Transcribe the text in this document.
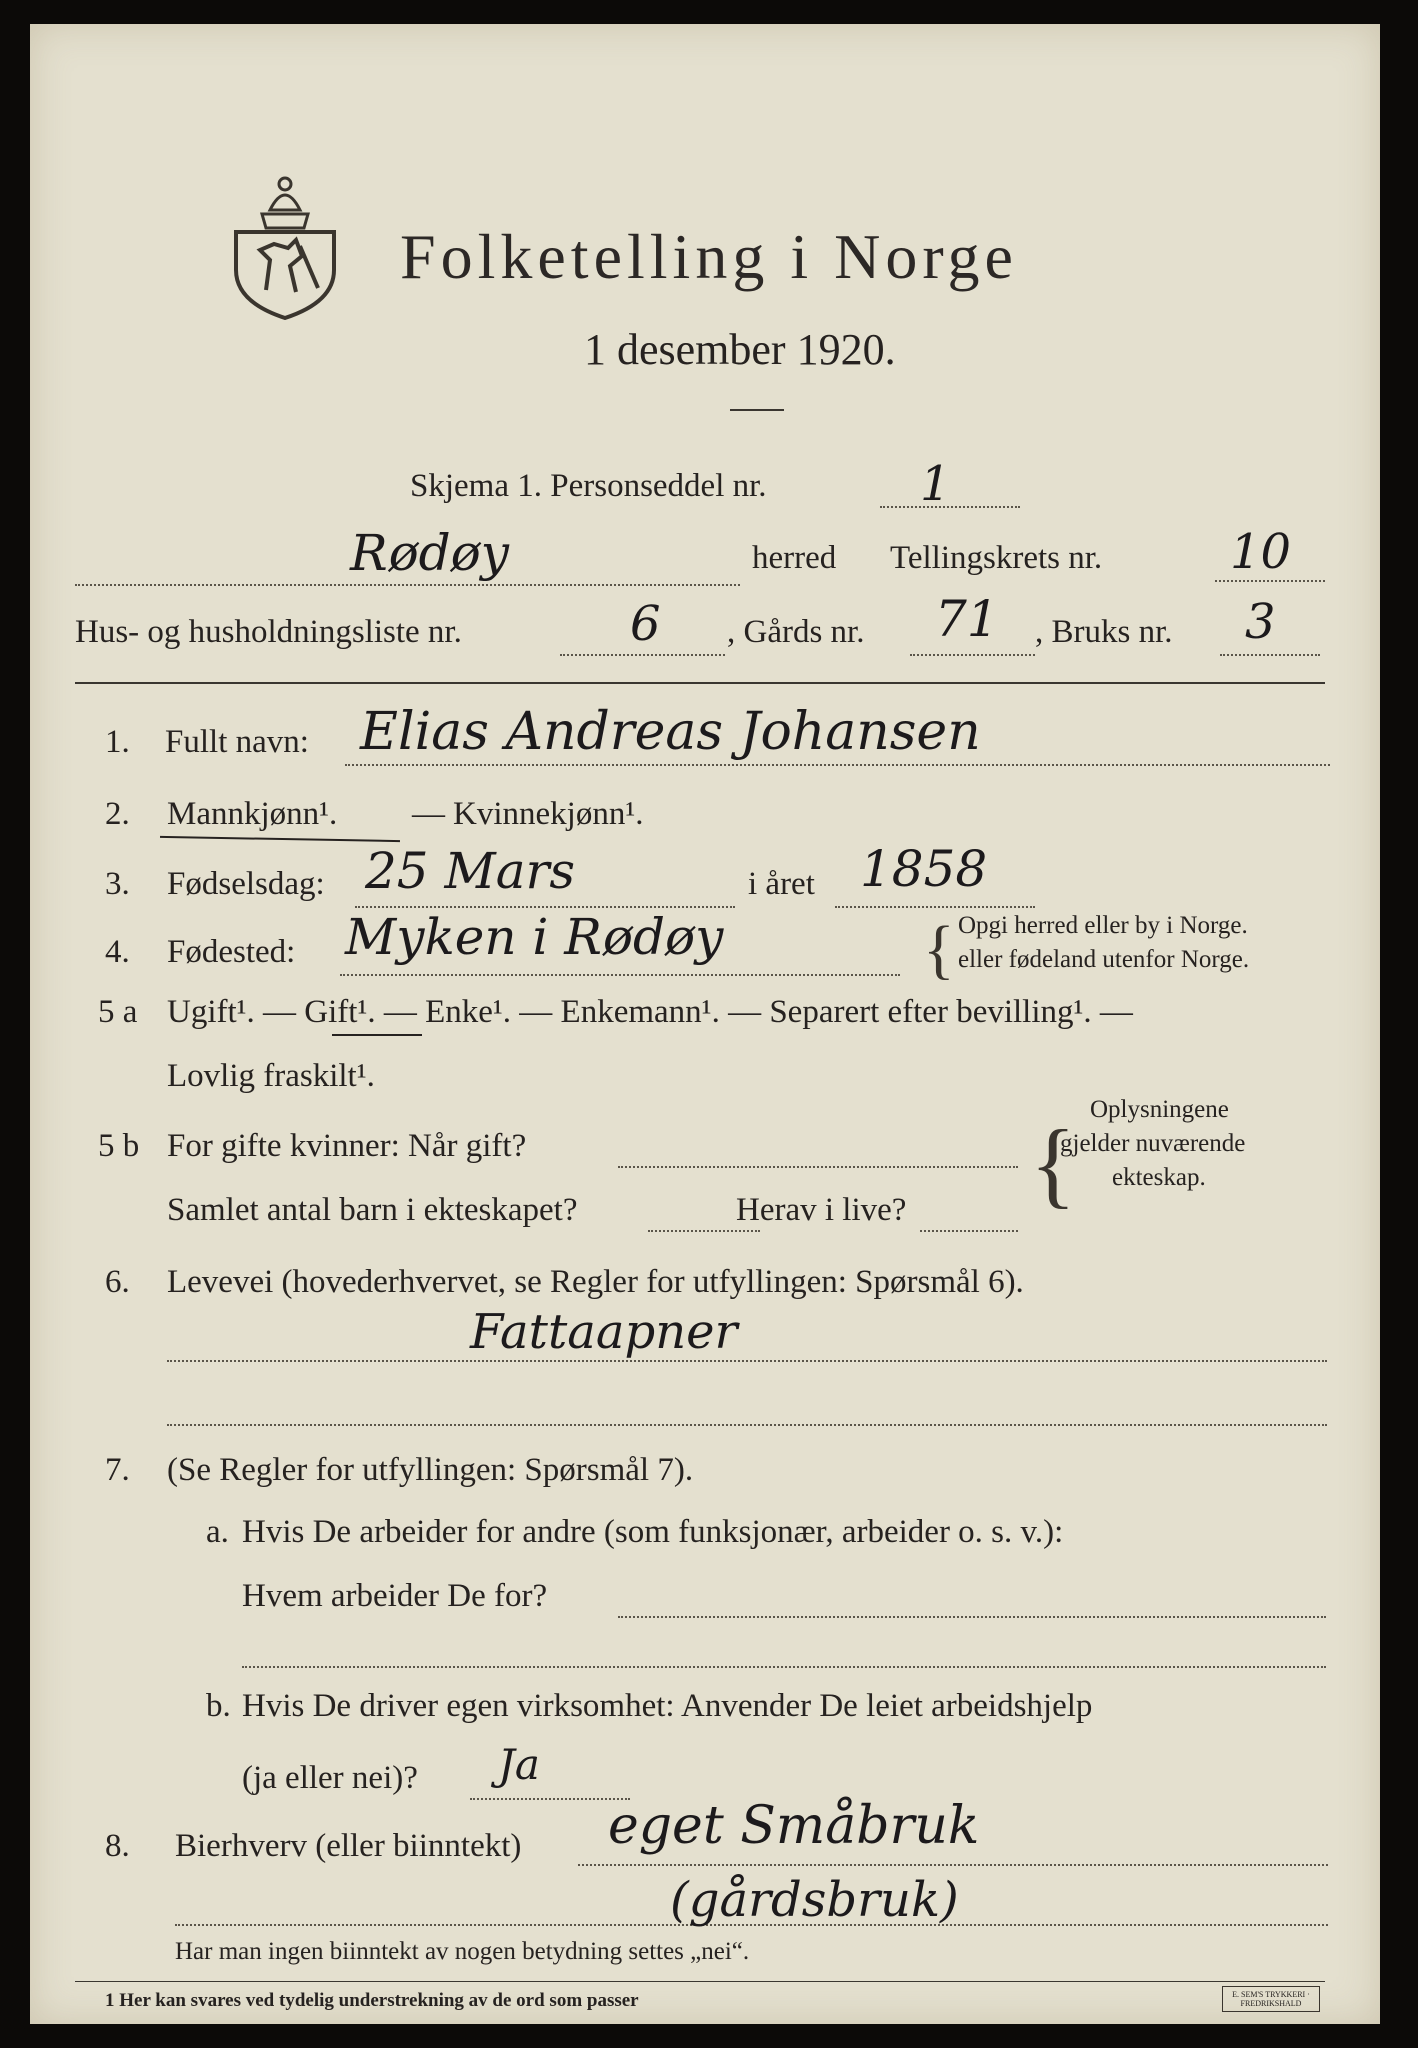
Folketelling i Norge
1 desember 1920.
Skjema 1. Personseddel nr.	1
Rødøy	herred Tellingskrets nr.	10
Hus- og husholdningsliste nr.	6 , Gårds nr. 71 , Bruks nr. 3
1. Fullt navn: Elias Andreas Johansen
2. Mannkjønn¹. — Kvinnekjønn¹.
3. Fødselsdag: 25 Mars	i året 1858
4. Fødested: Myken i Rødøy	{ Opgi herred eller by i Norge.
eller fødeland utenfor Norge.
5 a Ugift¹. — Gift¹. — Enke¹. — Enkemann¹. — Separert efter bevilling¹. —
Lovlig fraskilt¹.
5 b For gifte kvinner: Når gift?
Samlet antal barn i ekteskapet?	Herav i live? {
Oplysningene
gjelder nuværende
ekteskap.
6. Levevei (hovederhvervet, se Regler for utfyllingen: Spørsmål 6).
Fattaapner
7. (Se Regler for utfyllingen: Spørsmål 7).
a. Hvis De arbeider for andre (som funksjonær, arbeider o. s. v.):
Hvem arbeider De for?
b. Hvis De driver egen virksomhet: Anvender De leiet arbeidshjelp
(ja eller nei)? Ja
8. Bierhverv (eller biinntekt) eget Småbruk
(gårdsbruk)
Har man ingen biinntekt av nogen betydning settes „nei“.
1 Her kan svares ved tydelig understrekning av de ord som passer	E. SEM'S TRYKKERI · FREDRIKSHALD
